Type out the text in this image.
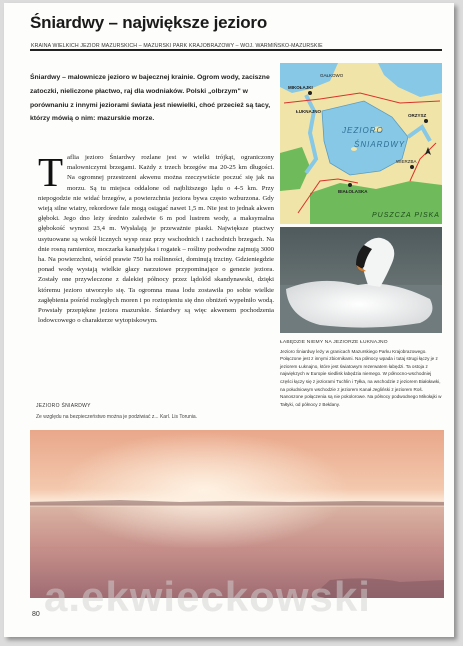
Śniardwy – największe jezioro
KRAINA WIELKICH JEZIOR MAZURSKICH – MAZURSKI PARK KRAJOBRAZOWY – WOJ. WARMIŃSKO-MAZURSKIE

Śniardwy – malownicze jezioro w bajecznej krainie. Ogrom wody, zaciszne zatoczki, nieliczone płactwo, raj dla wodniaków. Polski „olbrzym" w porównaniu z innymi jeziorami świata jest niewielki, choć przecież są tacy, którzy mówią o nim: mazurskie morze.

JEZIORO
ŚNIARDWY
PUSZCZA PISKA
MIKOŁAJKI
ORZYSZ
ŁUKNAJNO
GAŁKOWO
WIERZBA
BIAŁOLASKA

Taflia jezioro Śniardwy rozlane jest w wielki trójkąt, ograniczony malowniczymi brzegami. Każdy z trzech brzegów ma 20-25 km długości. Na ogromnej przestrzeni akwenu można rzeczywiście poczuć się jak na morzu. Są tu miejsca oddalone od najbliższego lądu o 4-5 km. Przy niepogodzie nie widać brzegów, a powierzchnia jeziora bywa często wzburzona. Gdy wieją silne wiatry, rekordowe fale mogą osiągać nawet 1,5 m. Nie jest to jednak akwen głęboki. Jego dno leży średnio zaledwie 6 m pod lustrem wody, a maksymalna głębokość wynosi 23,4 m. Wysłalają je przeważnie piaski. Największe ptactwy usytuowane są wokół licznych wysp oraz przy wschodnich i zachodnich brzegach. Na dnie rosną ramienice, moczarka kanadyjska i rogatek – rośliny podwodne zajmują 3000 ha. Na powierzchni, wśród prawie 750 ha roślinności, dominują trzciny. Gdzieniegdzie ponad wodę wystają wielkie głazy narzutowe przypominające o genezie jeziora. Zostały one przywleczone z dalekiej północy przez lądolód skandynawski, dzięki któremu jezioro utworzyło się. Ta ogromna masa lodu zostawiła po sobie wielkie zagłębienia pośród rozległych moren i po roztopieniu się dno obniżeń wypełniło wodą. Powstały przepiękne jeziora mazurskie. Śniardwy są więc akwenem pochodzenia lodowcowego o charakterze wytopiskowym.

JEZIORO ŚNIARDWY
Ze względu na bezpieczeństwo można je podziwiać z... Karl. Lis Torunia.

ŁABĘDZIE NIEMY NA JEZIORZE ŁUKNAJNO
Jezioro Śniardwy leży w granicach Mazurskiego Parku Krajobrazowego. Połączone jest z innymi zbiornikami. Na północy wpada i tutaj strugi łączy je z jeziorem Łuknajno, które jest światowym rezerwatem łabędzi. Ta ostoja z najwiękzych w Europie siedlisk łabędzia niemego. W północno-wschodniej części łączy się z jeziorami Tuchlin i Tyłka, na wschodzie z jeziorem Białoławki, na południowym wschodzie z jeziorem Kanał Jegliński z jeziorem Roś. Nanoszone połączenia są nie pokolorowe. Na północy podwodnego Mikołajki w Tałtyki, od północy z Bełdany.

a.ekwieckowski
80
